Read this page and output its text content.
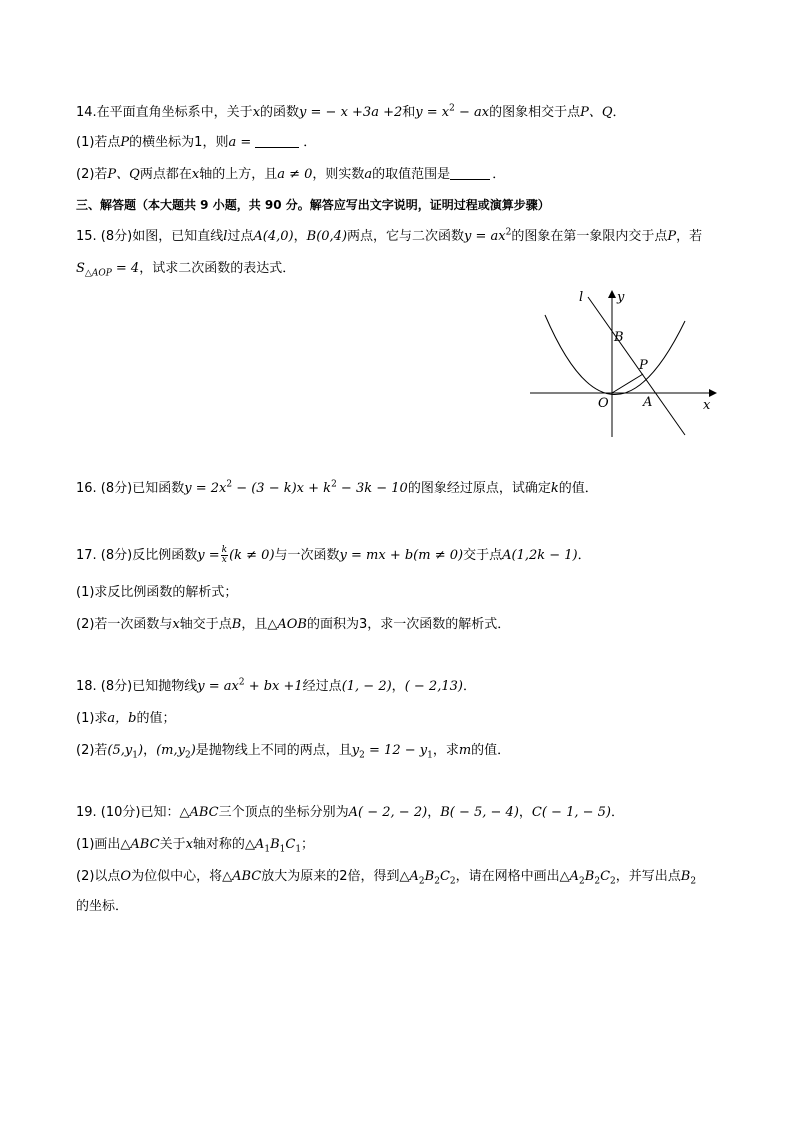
14.在平面直角坐标系中，关于x的函数y = − x +3a +2和$y = x^2$ − ax的图象相交于点P、Q．
(1)若点P的横坐标为1，则a =	．
(2)若P、Q两点都在x轴的上方，且a ≠ 0，则实数a的取值范围是	．
三、解答题（本大题共 9 小题，共 90 分。解答应写出文字说明，证明过程或演算步骤）
15. (8分)如图，已知直线l过点A(4,0)，B(0,4)两点，它与二次函数$y = ax^2$的图象在第一象限内交于点P，若
$S_{\triangle AOP} = 4$，试求二次函数的表达式．
l	y
B
P
O	A	x
16. (8分)已知函数$y = 2x^2 - (3 - k)x + k^2 - 3k - 10$的图象经过原点，试确定k的值．
17. (8分)反比例函数$y = \frac{k}{x} (k \ne 0)$与一次函数y = mx + b(m ≠ 0)交于点A(1,2k − 1)．
(1)求反比例函数的解析式；
(2)若一次函数与x轴交于点B，且△AOB的面积为3，求一次函数的解析式．
18. (8分)已知抛物线$y = ax^2$ + bx +1经过点(1, − 2)，( − 2,13)．
(1)求a，b的值；
(2)若$(5,y_1)$，$(m,y_2)$是抛物线上不同的两点，且$y_2 = 12 - y_1$，求m的值．
19. (10分)已知：△ABC三个顶点的坐标分别为A( − 2, − 2)，B( − 5, − 4)，C( − 1, − 5)．
(1)画出△ABC关于x轴对称的$\triangle A_1B_1C_1$；
(2)以点O为位似中心，将△ABC放大为原来的2倍，得到$\triangle A_2B_2C_2$，请在网格中画出$\triangle A_2B_2C_2$，并写出点$B_2$
的坐标．
